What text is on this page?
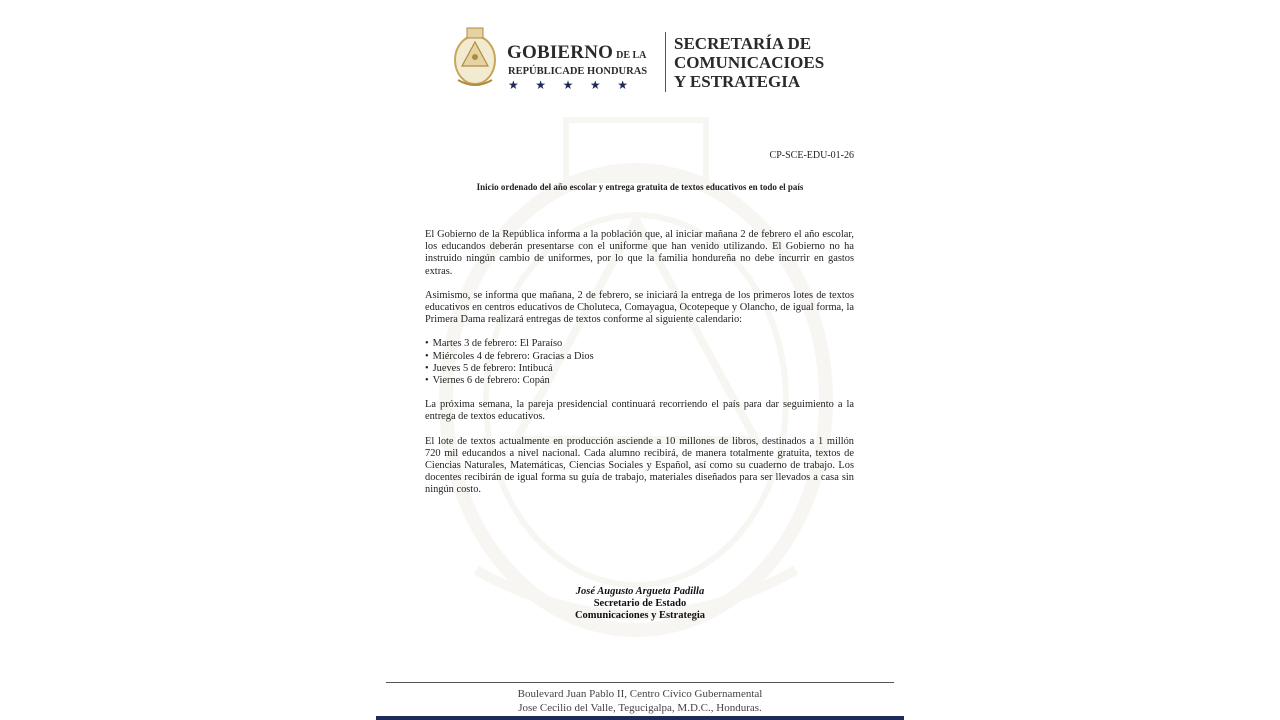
GOBIERNO DE LA
REPÚBLICADE HONDURAS
★ ★ ★ ★ ★
SECRETARÍA DE
COMUNICACIOES
Y ESTRATEGIA
CP-SCE-EDU-01-26
Inicio ordenado del año escolar y entrega gratuita de textos educativos en todo el país

El Gobierno de la República informa a la población que, al iniciar mañana 2 de febrero el año escolar, los educandos deberán presentarse con el uniforme que han venido utilizando. El Gobierno no ha instruido ningún cambio de uniformes, por lo que la familia hondureña no debe incurrir en gastos extras.

Asimismo, se informa que mañana, 2 de febrero, se iniciará la entrega de los primeros lotes de textos educativos en centros educativos de Choluteca, Comayagua, Ocotepeque y Olancho, de igual forma, la Primera Dama realizará entregas de textos conforme al siguiente calendario:

• Martes 3 de febrero: El Paraíso
• Miércoles 4 de febrero: Gracias a Dios
• Jueves 5 de febrero: Intibucá
• Viernes 6 de febrero: Copán

La próxima semana, la pareja presidencial continuará recorriendo el país para dar seguimiento a la entrega de textos educativos.

El lote de textos actualmente en producción asciende a 10 millones de libros, destinados a 1 millón 720 mil educandos a nivel nacional. Cada alumno recibirá, de manera totalmente gratuita, textos de Ciencias Naturales, Matemáticas, Ciencias Sociales y Español, así como su cuaderno de trabajo. Los docentes recibirán de igual forma su guía de trabajo, materiales diseñados para ser llevados a casa sin ningún costo.

José Augusto Argueta Padilla
Secretario de Estado
Comunicaciones y Estrategia
Boulevard Juan Pablo II, Centro Cívico Gubernamental
Jose Cecilio del Valle, Tegucigalpa, M.D.C., Honduras.
